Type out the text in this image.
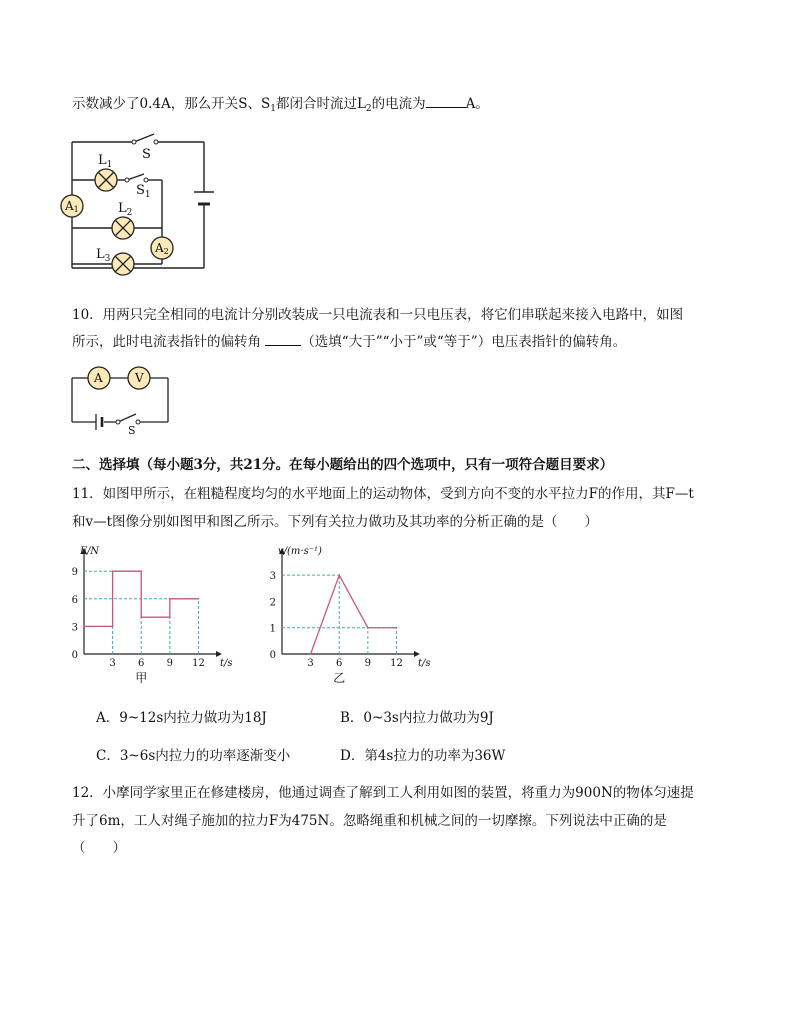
示数减少了0.4A，那么开关S、$S_1$都闭合时流过$L_2$的电流为	A。
S
$L_1$
$S_1$
$L_2$
$L_3$
A1
A2
10．用两只完全相同的电流计分别改装成一只电流表和一只电压表，将它们串联起来接入电路中，如图
所示，此时电流表指针的偏转角	（选填“大于”“小于”或“等于”）电压表指针的偏转角。
A	V
S
二、选择填（每小题3分，共21分。在每小题给出的四个选项中，只有一项符合题目要求）
11．如图甲所示，在粗糙程度均匀的水平地面上的运动物体，受到方向不变的水平拉力F的作用，其F—t
和v—t图像分别如图甲和图乙所示。下列有关拉力做功及其功率的分析正确的是（　　）
3 6 9 12
0
3
6
9
t/s
F/N
甲
3 6 9 12
0
1
2
3
t/s
v/(m·s⁻¹)
乙
A．9~12s内拉力做功为18J	B．0~3s内拉力做功为9J
C．3~6s内拉力的功率逐渐变小	D．第4s拉力的功率为36W
12．小摩同学家里正在修建楼房，他通过调查了解到工人利用如图的装置，将重力为900N的物体匀速提
升了6m，工人对绳子施加的拉力F为475N。忽略绳重和机械之间的一切摩擦。下列说法中正确的是
（　　）
